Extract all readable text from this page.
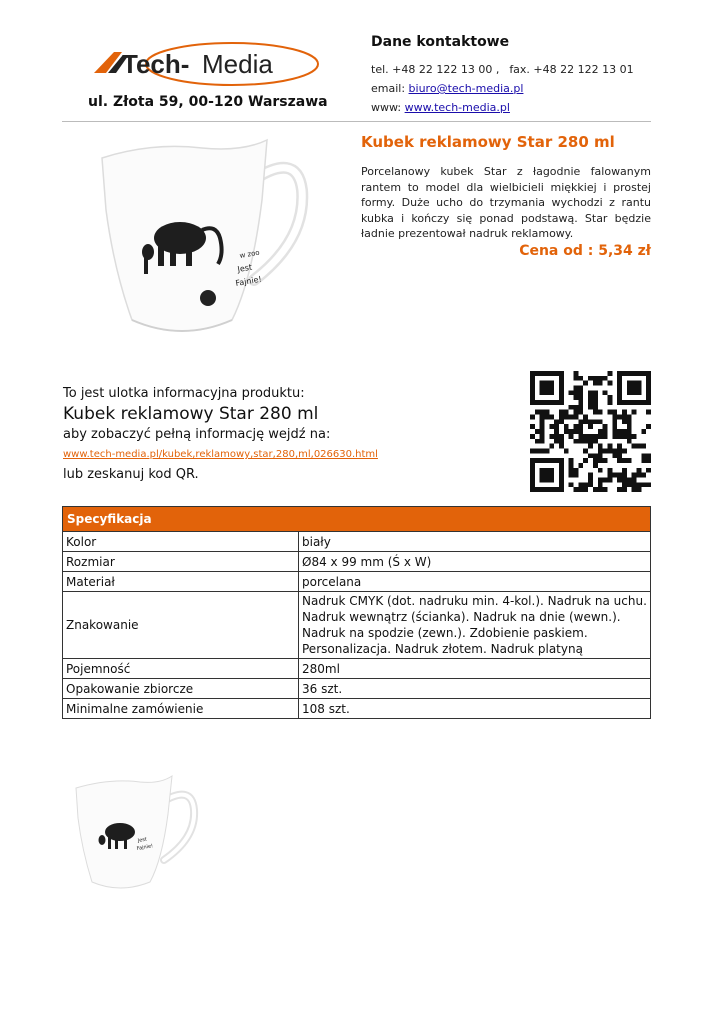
Tech- Media
ul. Złota 59, 00-120 Warszawa
Dane kontaktowe
tel. +48 22 122 13 00 , fax. +48 22 122 13 01
email: biuro@tech-media.pl
www: www.tech-media.pl
w zoo
Jest
Fajnie!
Kubek reklamowy Star 280 ml
Porcelanowy kubek Star z łagodnie falowanym rantem to model dla wielbicieli miękkiej i prostej formy. Duże ucho do trzymania wychodzi z rantu kubka i kończy się ponad podstawą. Star będzie ładnie prezentował nadruk reklamowy.
Cena od : 5,34 zł
To jest ulotka informacyjna produktu:
Kubek reklamowy Star 280 ml
aby zobaczyć pełną informację wejdź na:
www.tech-media.pl/kubek,reklamowy,star,280,ml,026630.html
lub zeskanuj kod QR.
Specyfikacja	
Kolor	biały
Rozmiar	Ø84 x 99 mm (Ś x W)
Materiał	porcelana
Znakowanie	Nadruk CMYK (dot. nadruku min. 4-kol.). Nadruk na uchu. Nadruk wewnątrz (ścianka). Nadruk na dnie (wewn.). Nadruk na spodzie (zewn.). Zdobienie paskiem. Personalizacja. Nadruk złotem. Nadruk platyną
Pojemność	280ml
Opakowanie zbiorcze	36 szt.
Minimalne zamówienie	108 szt.
Jest
Fajnie!
